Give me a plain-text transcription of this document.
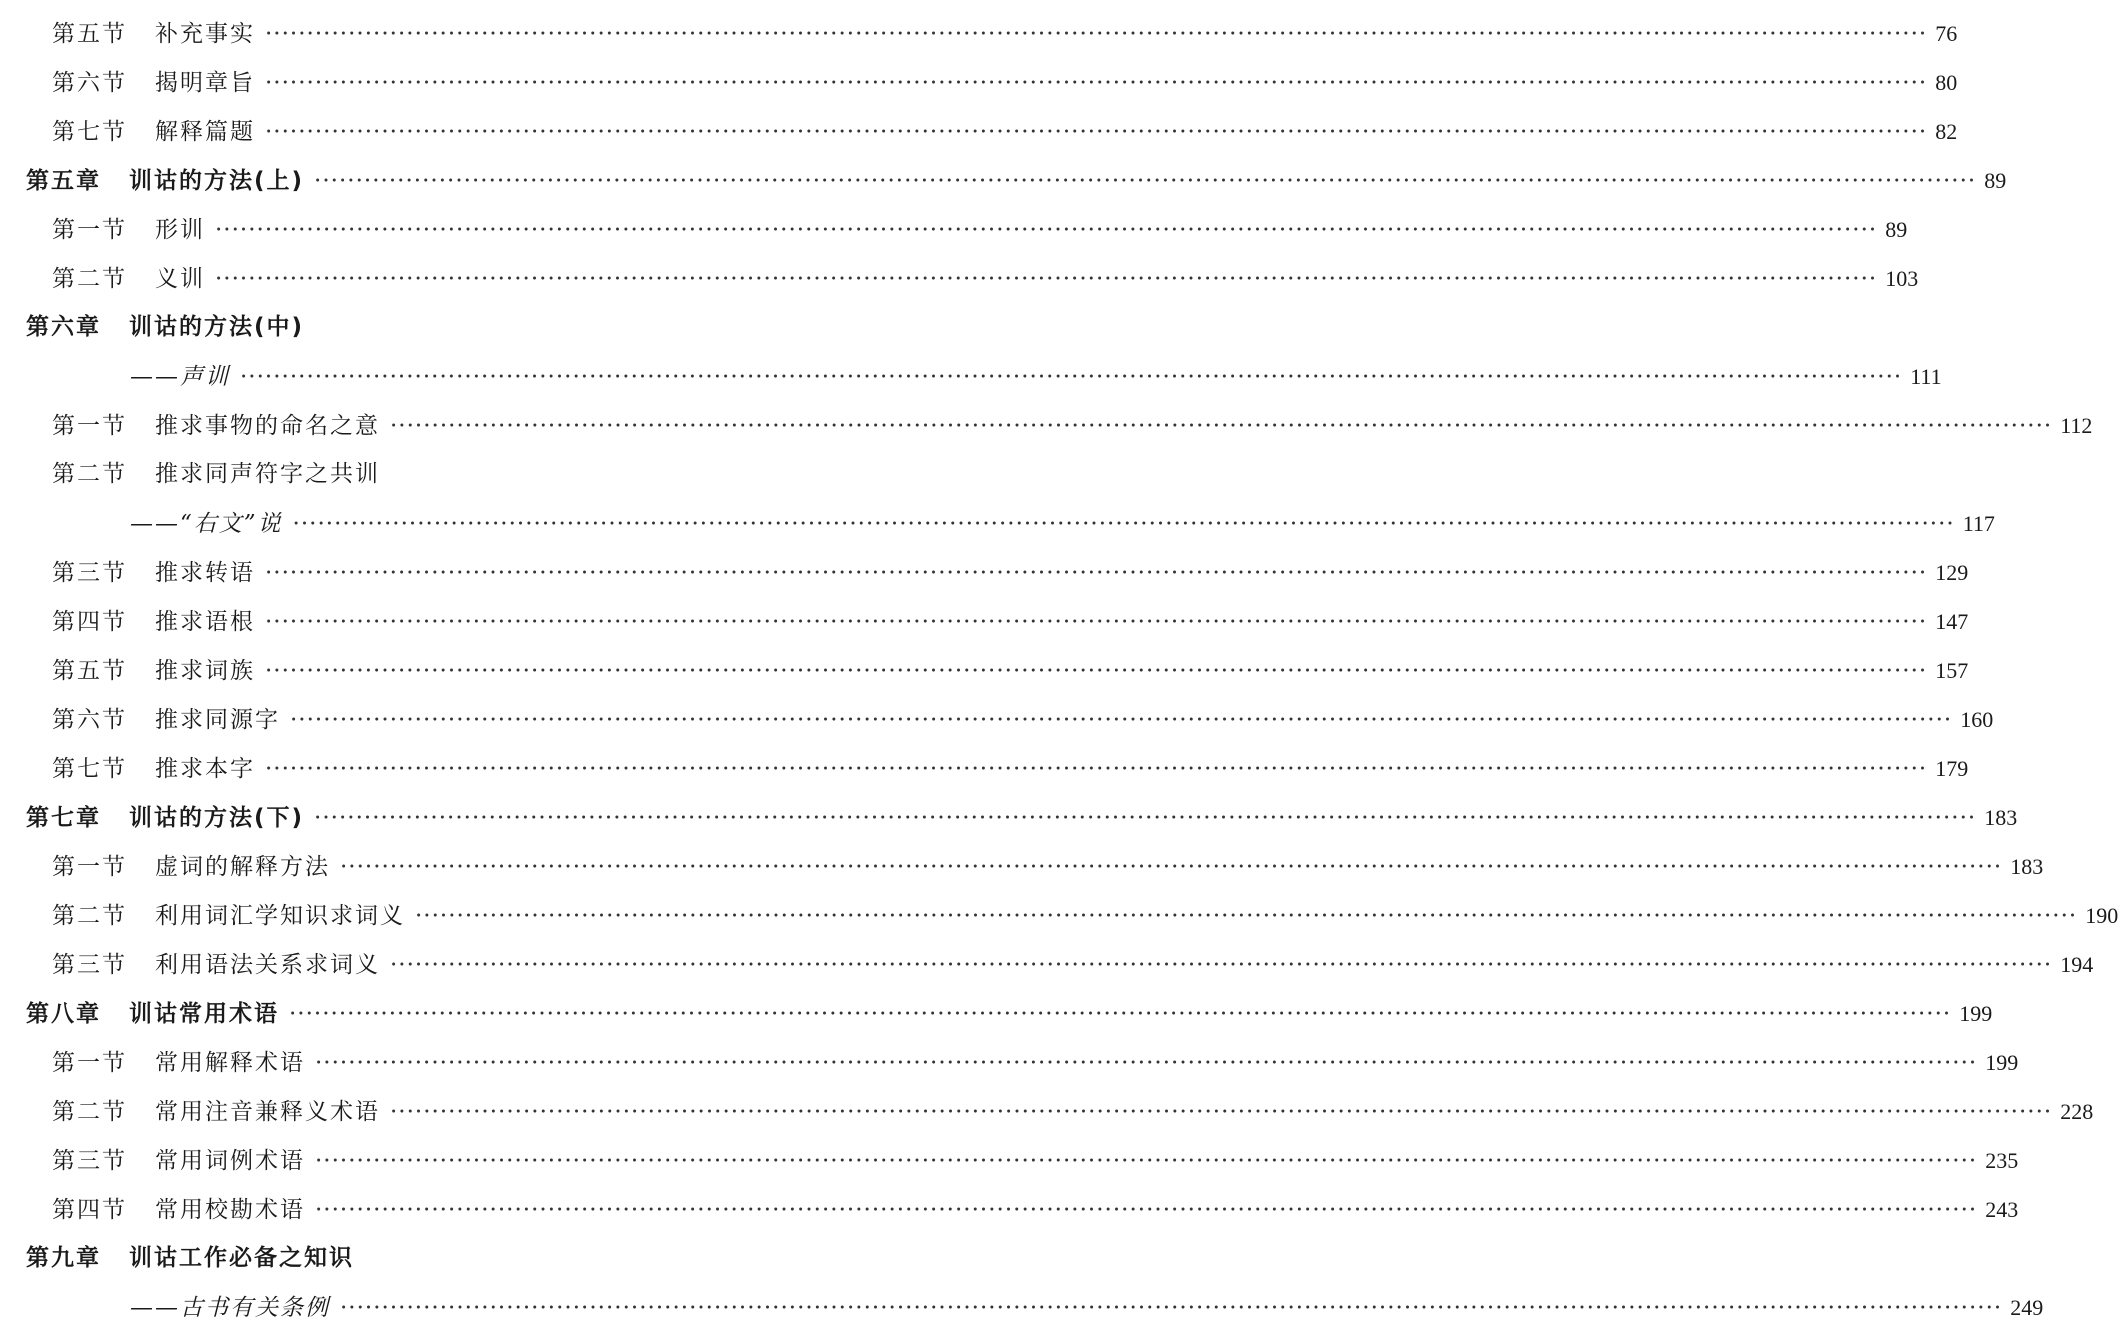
第五节 补充事实 ········································································································································································································ 76
第六节 揭明章旨 ········································································································································································································ 80
第七节 解释篇题 ········································································································································································································ 82
第五章 训诂的方法(上) ········································································································································································································ 89
第一节 形训 ········································································································································································································ 89
第二节 义训 ········································································································································································································ 103
第六章 训诂的方法(中)
——声训 ········································································································································································································ 111
第一节 推求事物的命名之意 ········································································································································································································ 112
第二节 推求同声符字之共训
——“右文”说 ········································································································································································································ 117
第三节 推求转语 ········································································································································································································ 129
第四节 推求语根 ········································································································································································································ 147
第五节 推求词族 ········································································································································································································ 157
第六节 推求同源字 ········································································································································································································ 160
第七节 推求本字 ········································································································································································································ 179
第七章 训诂的方法(下) ········································································································································································································ 183
第一节 虚词的解释方法 ········································································································································································································ 183
第二节 利用词汇学知识求词义 ········································································································································································································ 190
第三节 利用语法关系求词义 ········································································································································································································ 194
第八章 训诂常用术语 ········································································································································································································ 199
第一节 常用解释术语 ········································································································································································································ 199
第二节 常用注音兼释义术语 ········································································································································································································ 228
第三节 常用词例术语 ········································································································································································································ 235
第四节 常用校勘术语 ········································································································································································································ 243
第九章 训诂工作必备之知识
——古书有关条例 ········································································································································································································ 249
